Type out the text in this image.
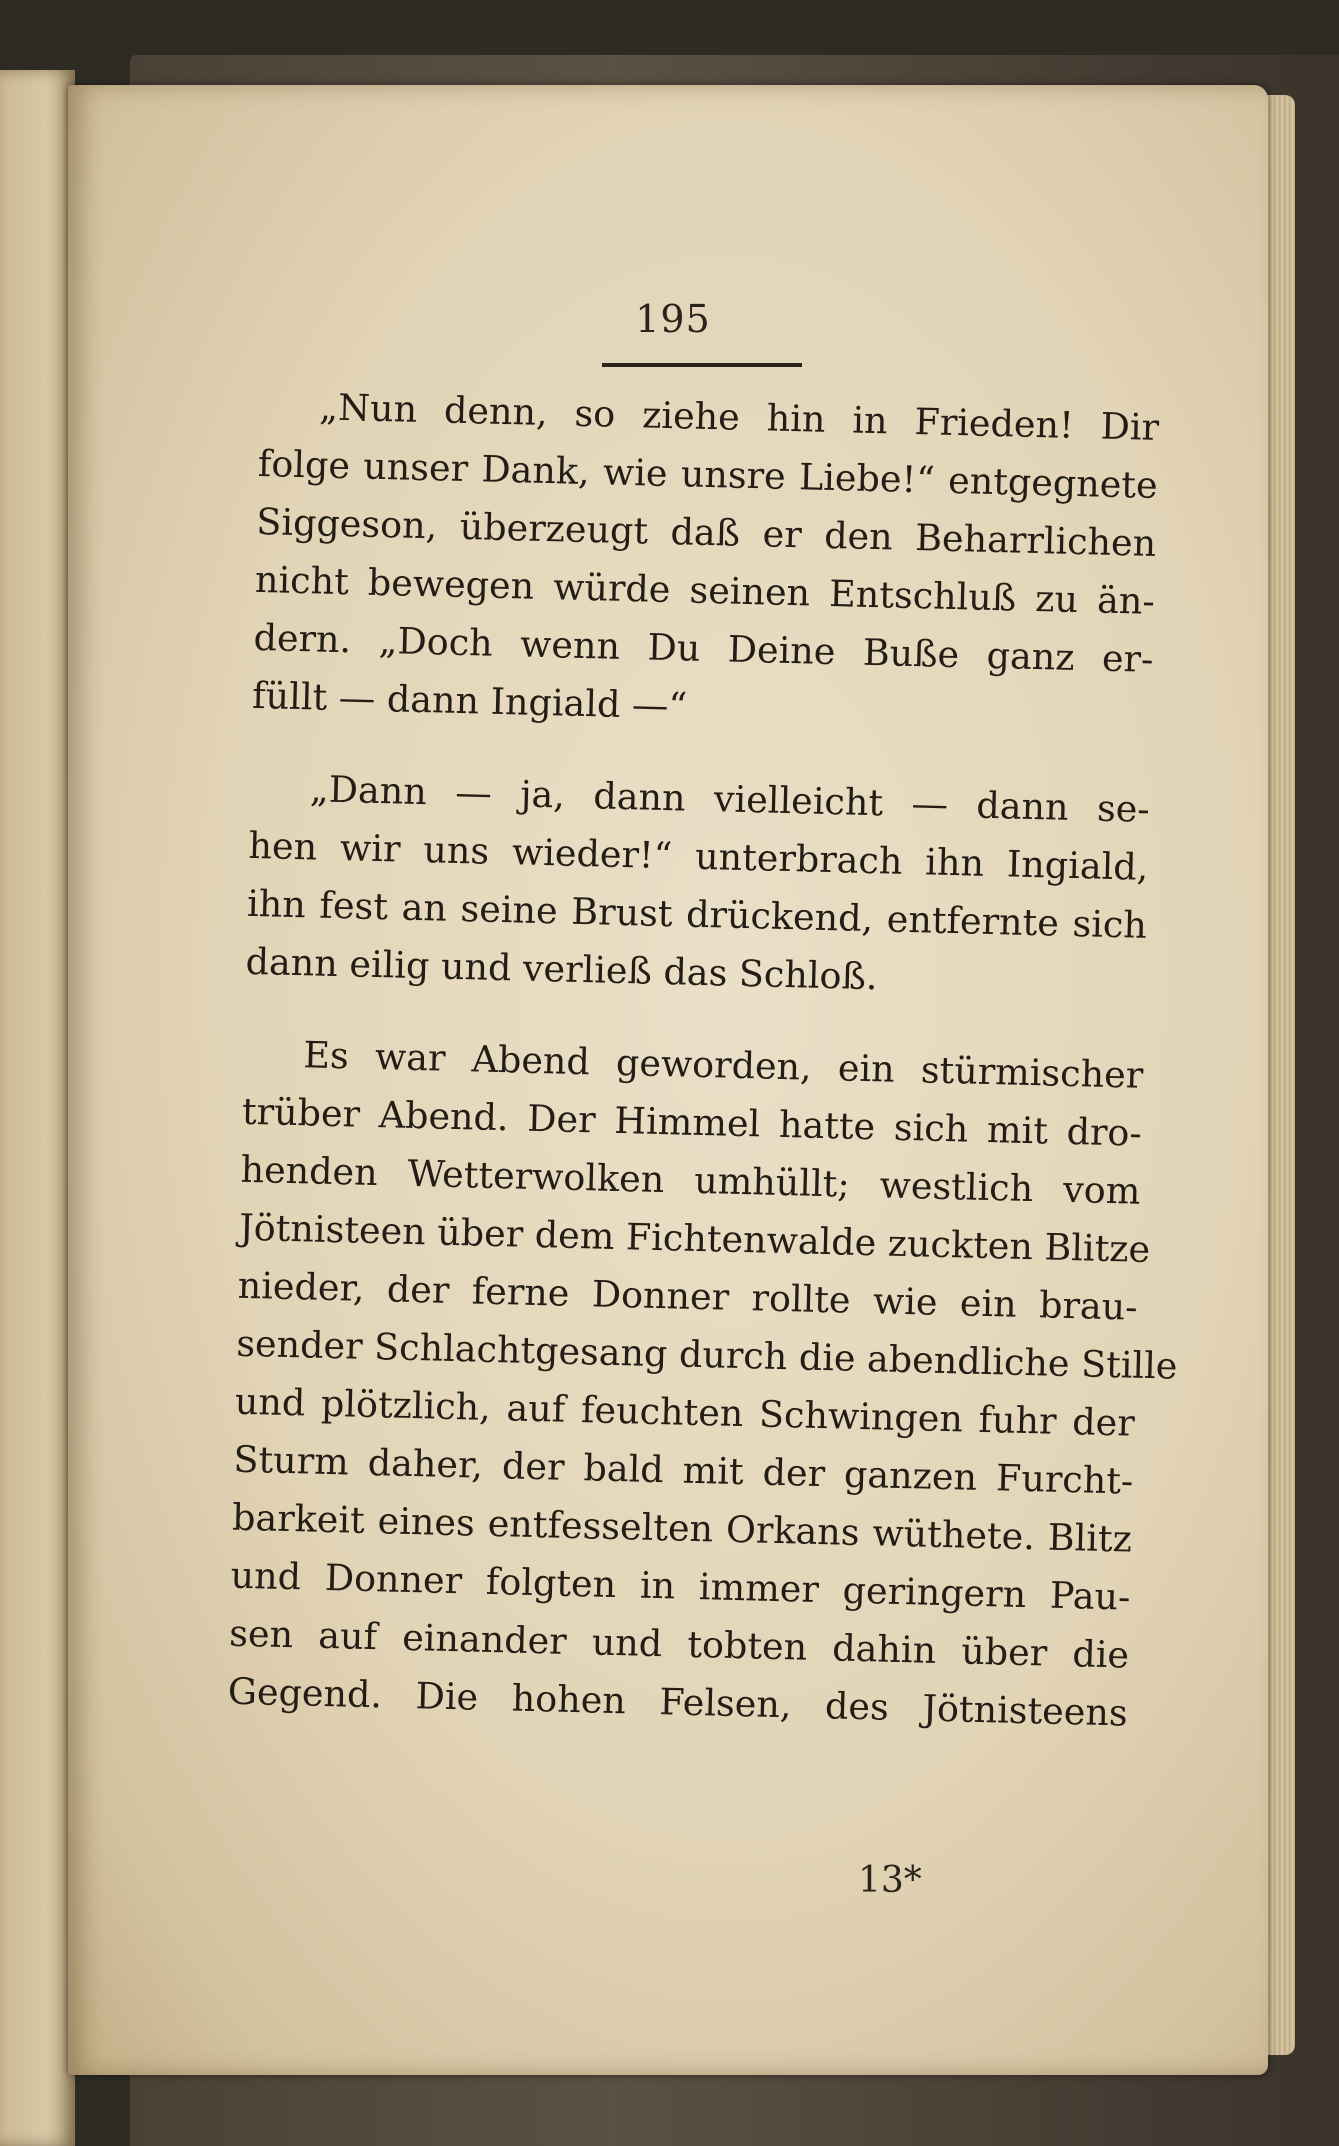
195

„Nun denn, so ziehe hin in Frieden! Dir
folge unser Dank, wie unsre Liebe!“ entgegnete
Siggeson, überzeugt daß er den Beharrlichen
nicht bewegen würde seinen Entschluß zu än-
dern. „Doch wenn Du Deine Buße ganz er-
füllt — dann Ingiald —“

„Dann — ja, dann vielleicht — dann se-
hen wir uns wieder!“ unterbrach ihn Ingiald,
ihn fest an seine Brust drückend, entfernte sich
dann eilig und verließ das Schloß.

Es war Abend geworden, ein stürmischer
trüber Abend. Der Himmel hatte sich mit dro-
henden Wetterwolken umhüllt; westlich vom
Jötnisteen über dem Fichtenwalde zuckten Blitze
nieder, der ferne Donner rollte wie ein brau-
sender Schlachtgesang durch die abendliche Stille
und plötzlich, auf feuchten Schwingen fuhr der
Sturm daher, der bald mit der ganzen Furcht-
barkeit eines entfesselten Orkans wüthete. Blitz
und Donner folgten in immer geringern Pau-
sen auf einander und tobten dahin über die
Gegend. Die hohen Felsen, des Jötnisteens

13*
